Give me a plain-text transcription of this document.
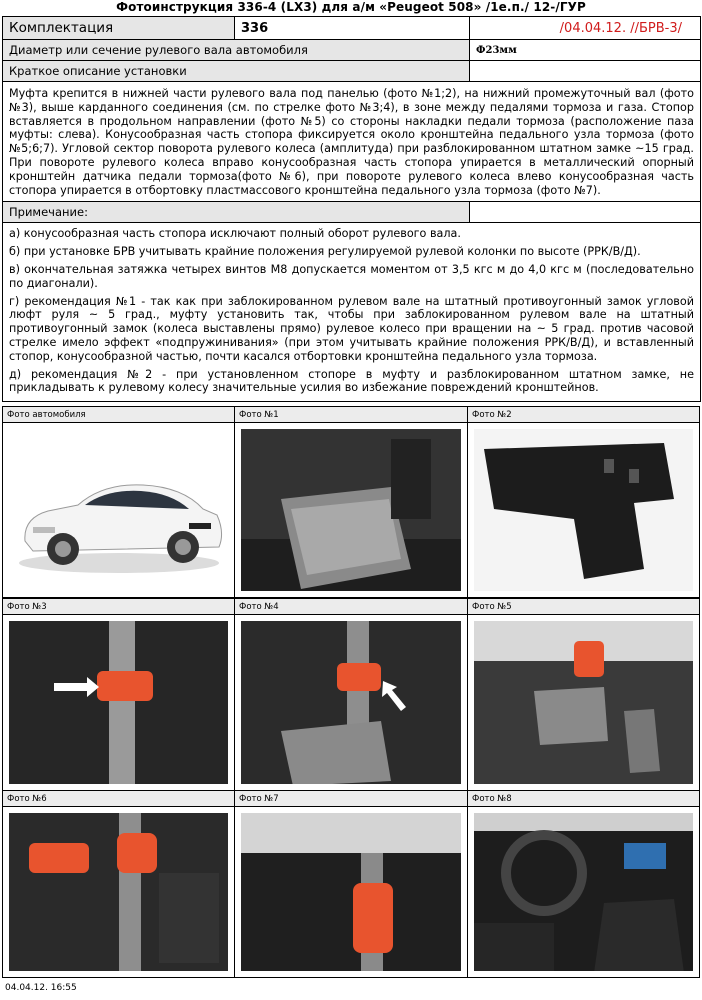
Фотоинструкция 336-4 (LX3) для а/м «Peugeot 508» /1е.п./ 12-/ГУР
Комплектация	336	/04.04.12. //БРВ-3/
Диаметр или сечение рулевого вала автомобиля		Ф23мм
Краткое описание установки		
Муфта крепится в нижней части рулевого вала под панелью (фото №1;2), на нижний промежуточный вал (фото №3), выше карданного соединения (см. по стрелке фото №3;4), в зоне между педалями тормоза и газа. Стопор вставляется в продольном направлении (фото №5) со стороны накладки педали тормоза (расположение паза муфты: слева). Конусообразная часть стопора фиксируется около кронштейна педального узла тормоза (фото №5;6;7). Угловой сектор поворота рулевого колеса (амплитуда) при разблокированном штатном замке ~15 град. При повороте рулевого колеса вправо конусообразная часть стопора упирается в металлический опорный кронштейн датчика педали тормоза(фото №6), при повороте рулевого колеса влево конусообразная часть стопора упирается в отбортовку пластмассового кронштейна педального узла тормоза (фото №7).		
Примечание:		

а) конусообразная часть стопора исключают полный оборот рулевого вала.

б) при установке БРВ учитывать крайние положения регулируемой рулевой колонки по высоте (РРК/В/Д).

в) окончательная затяжка четырех винтов М8 допускается моментом от 3,5 кгс м до 4,0 кгс м (последовательно по диагонали).

г) рекомендация №1 - так как при заблокированном рулевом вале на штатный противоугонный замок угловой люфт руля ~ 5 град., муфту установить так, чтобы при заблокированном рулевом вале на штатный противоугонный замок (колеса выставлены прямо) рулевое колесо при вращении на ~ 5 град. против часовой стрелке имело эффект «подпружинивания» (при этом учитывать крайние положения РРК/В/Д), и вставленный стопор, конусообразной частью, почти касался отбортовки кронштейна педального узла тормоза.

д) рекомендация №2 - при установленном стопоре в муфту и разблокированном штатном замке, не прикладывать к рулевому колесу значительные усилия во избежание повреждений кронштейнов.		

Фото автомобиля	Фото №1	Фото №2
Фото №3	Фото №4	Фото №5
Фото №6	Фото №7	Фото №8
04.04.12. 16:55
